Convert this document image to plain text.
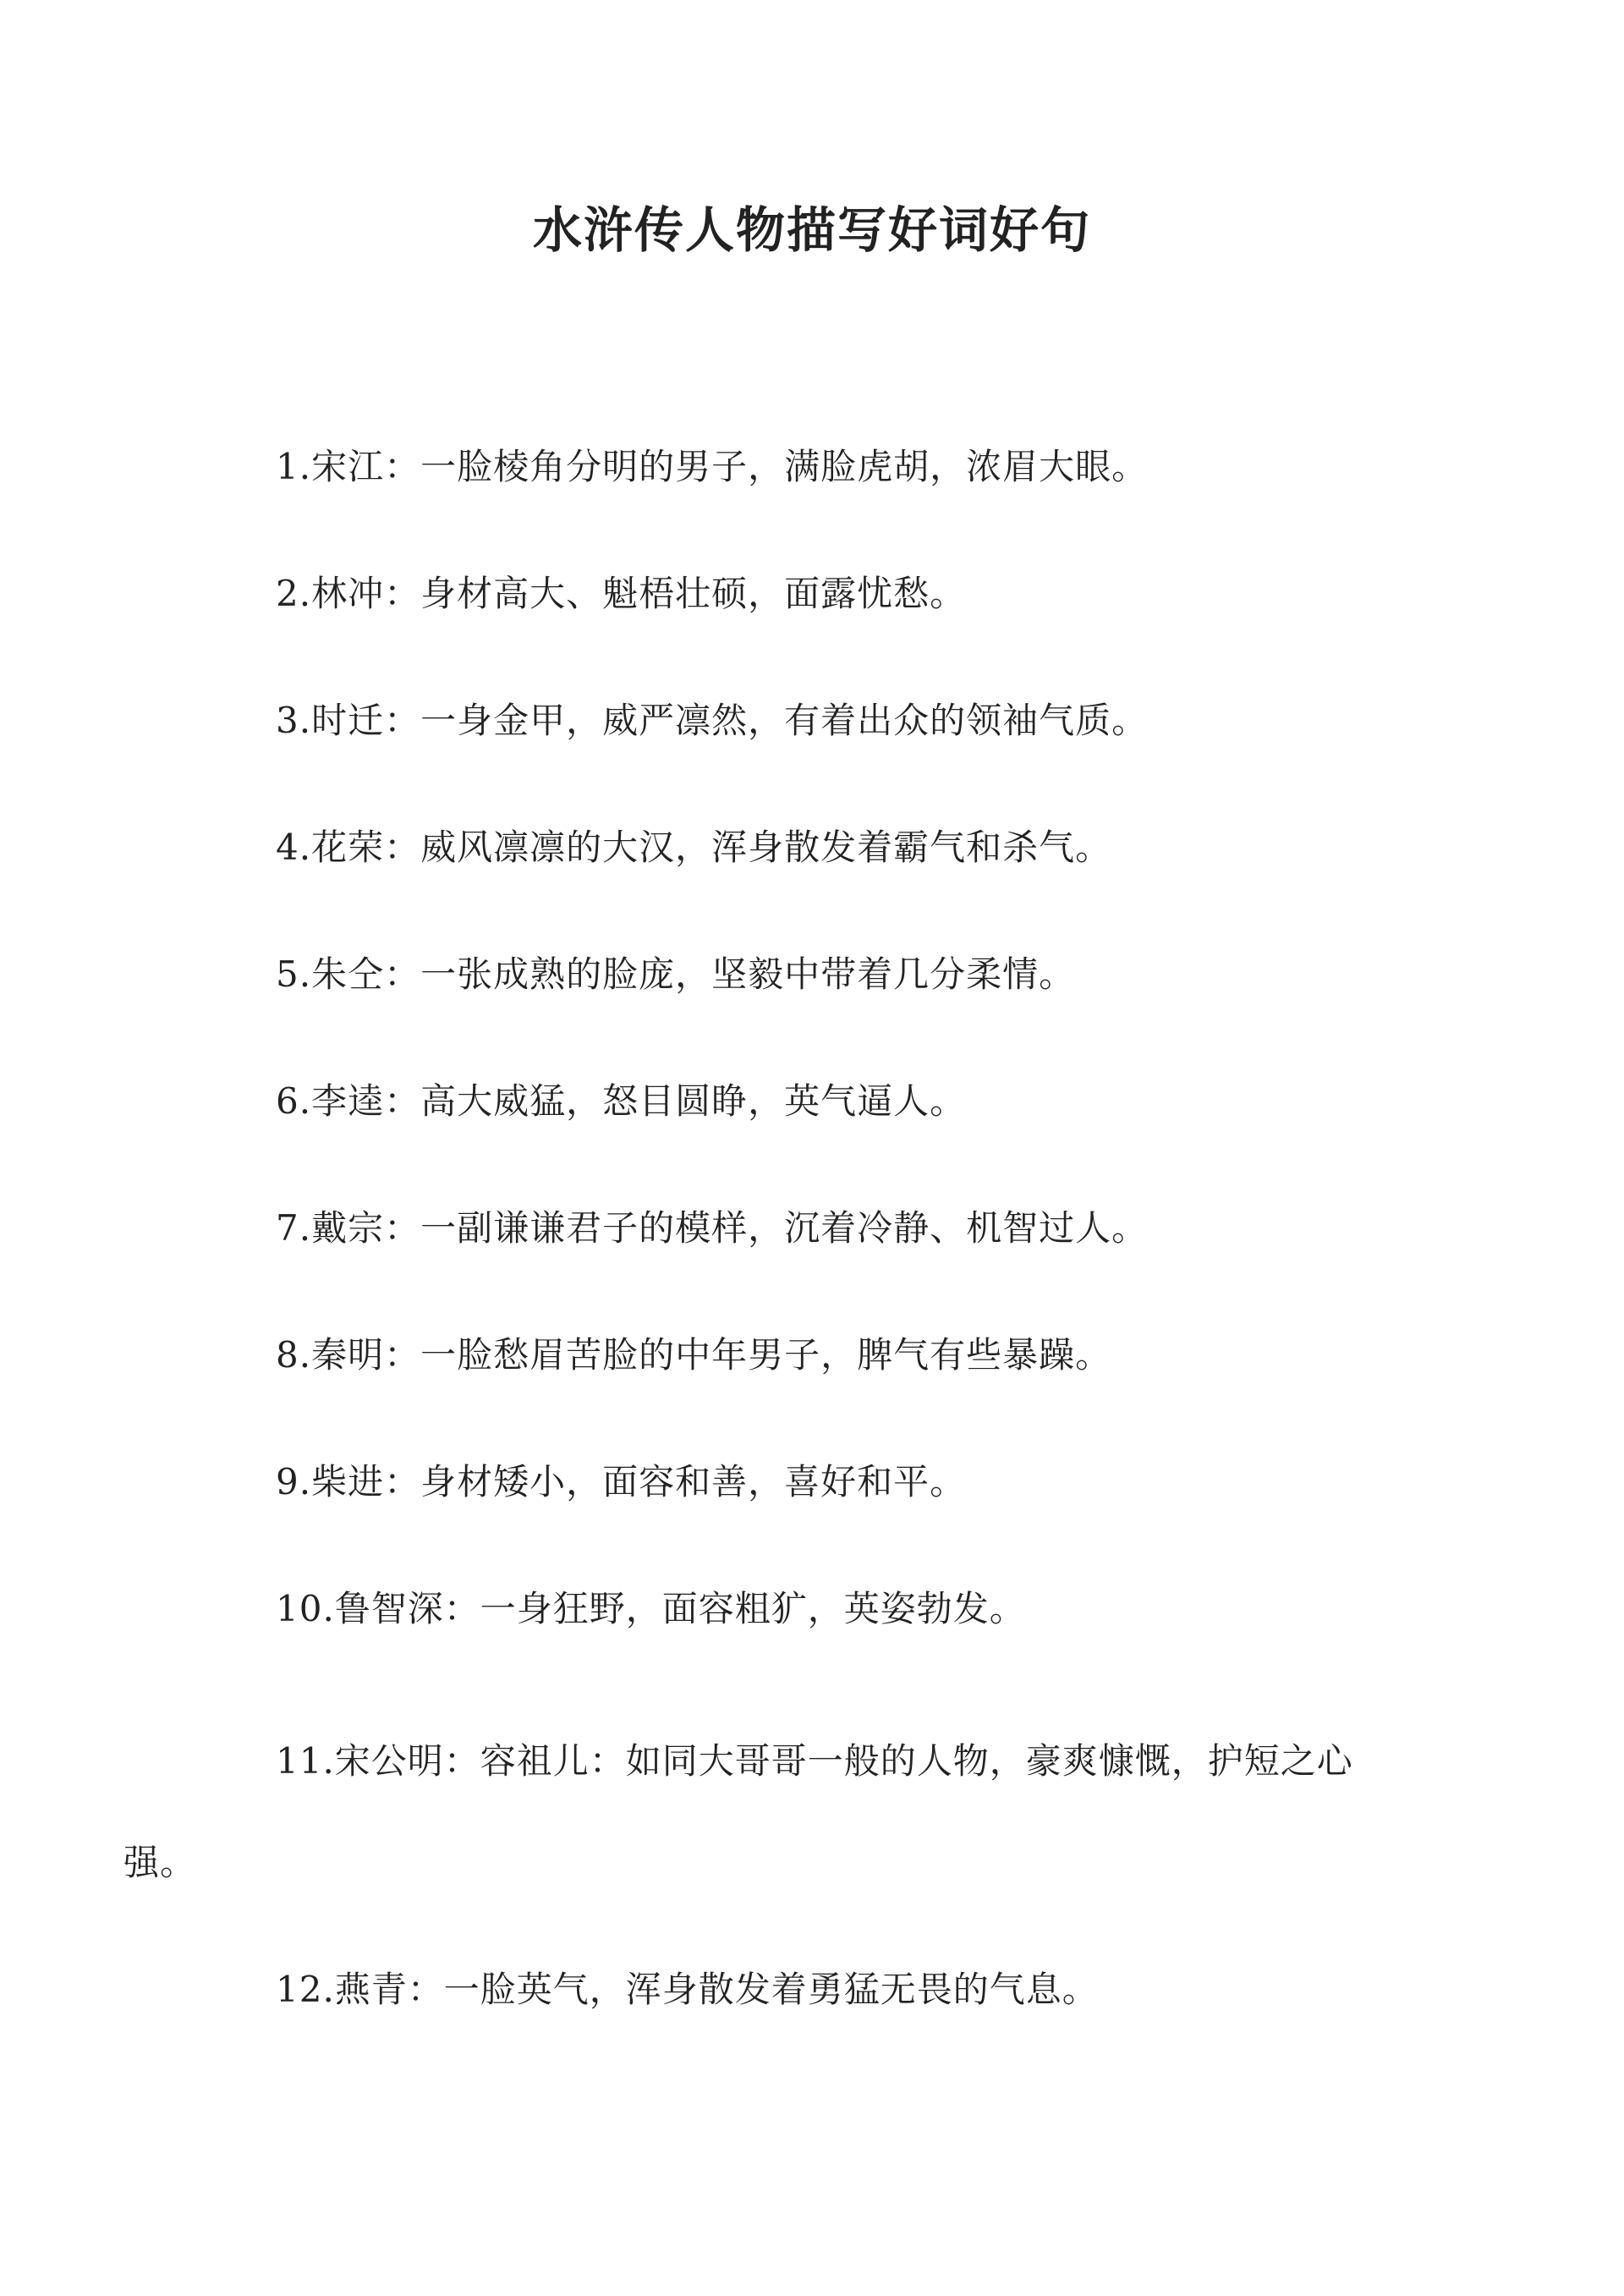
水浒传人物描写好词好句
1.宋江：一脸棱角分明的男子，满脸虎胡，浓眉大眼。
2.林冲：身材高大、魁梧壮硕，面露忧愁。
3.时迁：一身金甲，威严凛然，有着出众的领袖气质。
4.花荣：威风凛凛的大汉，浑身散发着霸气和杀气。
5.朱仝：一张成熟的脸庞，坚毅中带着几分柔情。
6.李逵：高大威猛，怒目圆睁，英气逼人。
7.戴宗：一副谦谦君子的模样，沉着冷静、机智过人。
8.秦明：一脸愁眉苦脸的中年男子，脾气有些暴躁。
9.柴进：身材矮小，面容和善，喜好和平。
10.鲁智深：一身狂野，面容粗犷，英姿勃发。
11.宋公明：容祖儿：如同大哥哥一般的人物，豪爽慷慨，护短之心强。
12.燕青：一脸英气，浑身散发着勇猛无畏的气息。
